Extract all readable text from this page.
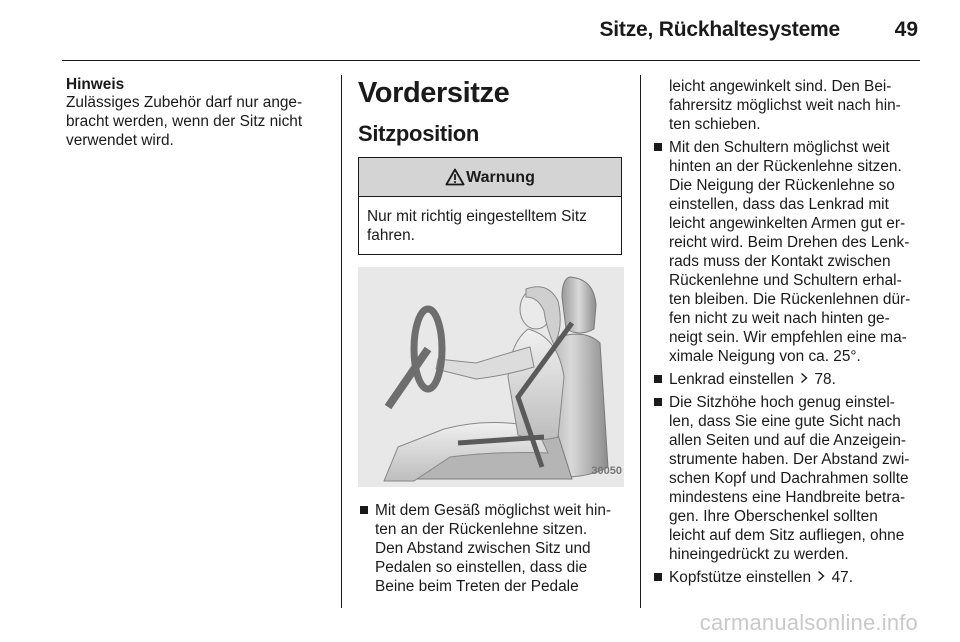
Sitze, Rückhaltesysteme	49

Hinweis

Zulässiges Zubehör darf nur ange-
bracht werden, wenn der Sitz nicht
verwendet wird.
Vordersitze
Sitzposition
Warnung
Nur mit richtig eingestelltem Sitz
fahren.
30050
Mit dem Gesäß möglichst weit hin-
ten an der Rückenlehne sitzen.
Den Abstand zwischen Sitz und
Pedalen so einstellen, dass die
Beine beim Treten der Pedale
leicht angewinkelt sind. Den Bei-
fahrersitz möglichst weit nach hin-
ten schieben.
Mit den Schultern möglichst weit
hinten an der Rückenlehne sitzen.
Die Neigung der Rückenlehne so
einstellen, dass das Lenkrad mit
leicht angewinkelten Armen gut er-
reicht wird. Beim Drehen des Lenk-
rads muss der Kontakt zwischen
Rückenlehne und Schultern erhal-
ten bleiben. Die Rückenlehnen dür-
fen nicht zu weit nach hinten ge-
neigt sein. Wir empfehlen eine ma-
ximale Neigung von ca. 25°.
Lenkrad einstellen 78.
Die Sitzhöhe hoch genug einstel-
len, dass Sie eine gute Sicht nach
allen Seiten und auf die Anzeigein-
strumente haben. Der Abstand zwi-
schen Kopf und Dachrahmen sollte
mindestens eine Handbreite betra-
gen. Ihre Oberschenkel sollten
leicht auf dem Sitz aufliegen, ohne
hineingedrückt zu werden.
Kopfstütze einstellen 47.
carmanualsonline.info
